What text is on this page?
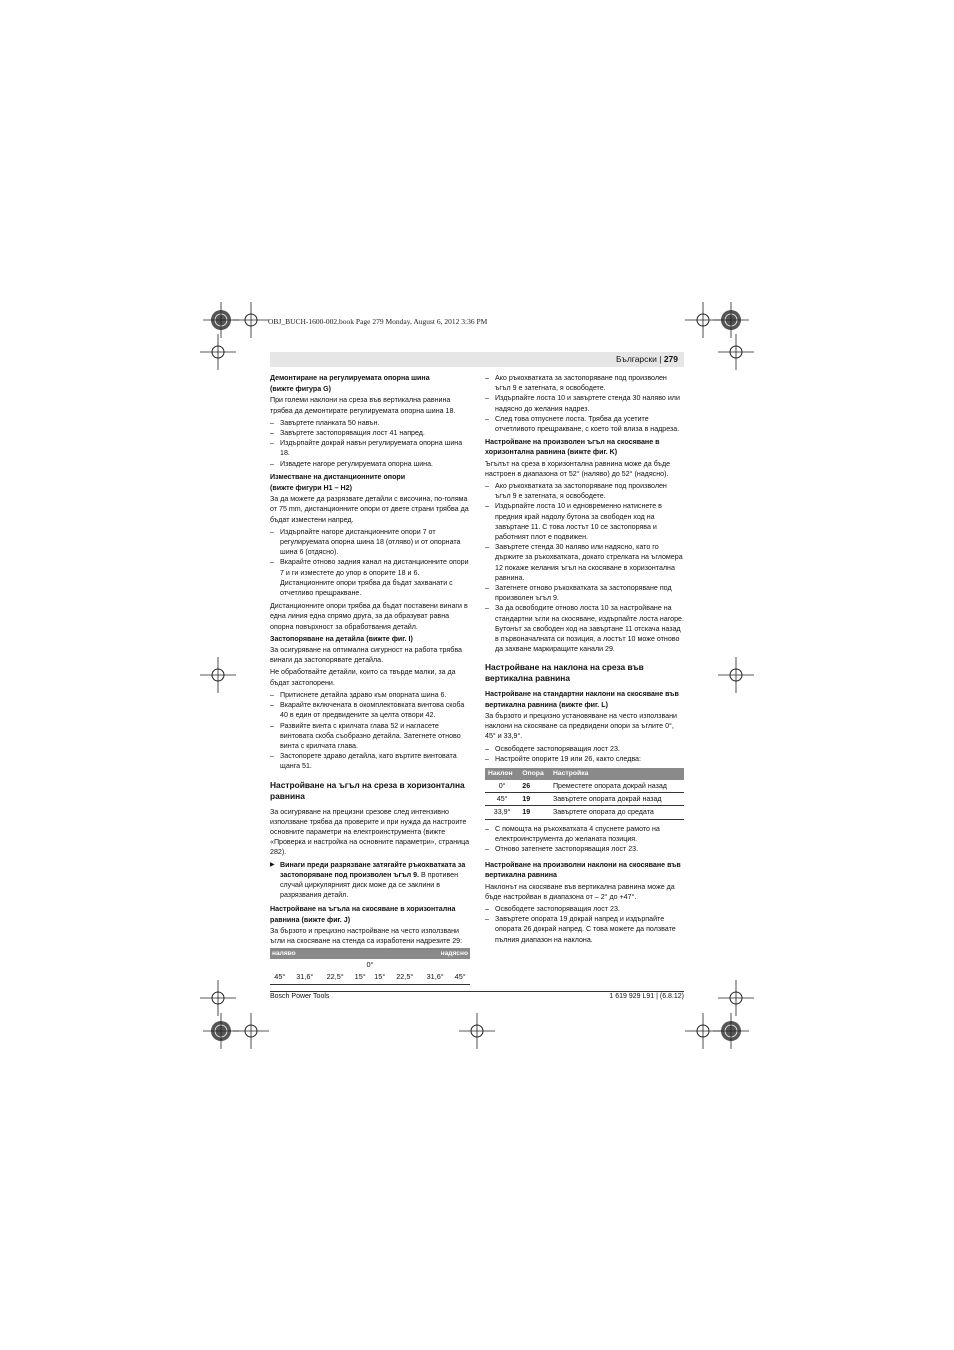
OBJ_BUCH-1600-002.book Page 279 Monday, August 6, 2012 3:36 PM
Български | 279
Демонтиране на регулируемата опорна шина
(вижте фигура G)

При големи наклони на среза във вертикална равнина трябва да демонтирате регулируемата опорна шина 18.

– Завъртете планката 50 навън.
– Завъртете застопоряващия лост 41 напред.
– Издърпайте докрай навън регулируемата опорна шина 18.
– Извадете нагоре регулируемата опорна шина.
Изместване на дистанционните опори
(вижте фигури H1 – H2)

За да можете да разрязвате детайли с височина, по-голяма от 75 mm, дистанционните опори от двете страни трябва да бъдат изместени напред.

– Издърпайте нагоре дистанционните опори 7 от регулируемата опорна шина 18 (отляво) и от опорната шина 6 (отдясно).
– Вкарайте отново задния канал на дистанционните опори 7 и ги изместете до упор в опорите 18 и 6. Дистанционните опори трябва да бъдат захванати с отчетливо прещракване.

Дистанционните опори трябва да бъдат поставени винаги в една линия една спрямо друга, за да образуват равна опорна повърхност за обработвания детайл.

Застопоряване на детайла (вижте фиг. I)

За осигуряване на оптимална сигурност на работа трябва винаги да застопорявате детайла.

Не обработвайте детайли, които са твърде малки, за да бъдат застопорени.

– Притиснете детайла здраво към опорната шина 6.
– Вкарайте включената в окомплектовката винтова скоба 40 в един от предвидените за целта отвори 42.
– Развийте винта с крилчата глава 52 и нагласете винтовата скоба съобразно детайла. Затегнете отново винта с крилчата глава.
– Застопорете здраво детайла, като въртите винтовата щанга 51.
Настройване на ъгъл на среза в хоризонтална равнина

За осигуряване на прецизни срезове след интензивно използване трябва да проверите и при нужда да настроите основните параметри на електроинструмента (вижте «Проверка и настройка на основните параметри», страница 282).

▶ Винаги преди разрязване затягайте ръкохватката за застопоряване под произволен ъгъл 9. В противен случай циркулярният диск може да се заклини в разрязвания детайл.
Настройване на ъгъла на скосяване в хоризонтална равнина (вижте фиг. J)

За бързото и прецизно настройване на често използвани ъгли на скосяване на стенда са изработени надрезите 29:

наляво				надясно			
0°							
45°	31,6°	22,5°	15°	15°	22,5°	31,6°	45°
– Ако ръкохватката за застопоряване под произволен ъгъл 9 е затегната, я освободете.
– Издърпайте лоста 10 и завъртете стенда 30 наляво или надясно до желания надрез.
– След това отпуснете лоста. Трябва да усетите отчетливото прещракване, с което той влиза в надреза.
Настройване на произволен ъгъл на скосяване в хоризонтална равнина (вижте фиг. K)

Ъгълът на среза в хоризонтална равнина може да бъде настроен в диапазона от 52° (наляво) до 52° (надясно).

– Ако ръкохватката за застопоряване под произволен ъгъл 9 е затегната, я освободете.
– Издърпайте лоста 10 и едновременно натиснете в предния край надолу бутона за свободен ход на завъртане 11. С това лостът 10 се застопорява и работният плот е подвижен.
– Завъртете стенда 30 наляво или надясно, като го държите за ръкохватката, докато стрелката на ъгломера 12 покаже желания ъгъл на скосяване в хоризонтална равнина.
– Затегнете отново ръкохватката за застопоряване под произволен ъгъл 9.
– За да освободите отново лоста 10 за настройване на стандартни ъгли на скосяване, издърпайте лоста нагоре. Бутонът за свободен ход на завъртане 11 отскача назад в първоначалната си позиция, а лостът 10 може отново да захване маркиращите канали 29.
Настройване на наклона на среза във вертикална равнина
Настройване на стандартни наклони на скосяване във вертикална равнина (вижте фиг. L)

За бързото и прецизно установяване на често използвани наклони на скосяване са предвидени опори за ъглите 0°, 45° и 33,9°.

– Освободете застопоряващия лост 23.
– Настройте опорите 19 или 26, както следва:
Наклон	Опора	Настройка
0°	26	Преместете опората докрай назад
45°	19	Завъртете опората докрай назад
33,9°	19	Завъртете опората до средата
– С помощта на ръкохватката 4 спуснете рамото на електроинструмента до желаната позиция.
– Отново затегнете застопоряващия лост 23.
Настройване на произволни наклони на скосяване във вертикална равнина

Наклонът на скосяване във вертикална равнина може да бъде настройван в диапазона от – 2° до +47°.

– Освободете застопоряващия лост 23.
– Завъртете опората 19 докрай напред и издърпайте опората 26 докрай напред. С това можете да ползвате пълния диапазон на наклона.
Bosch Power Tools	1 619 929 L91 | (6.8.12)
